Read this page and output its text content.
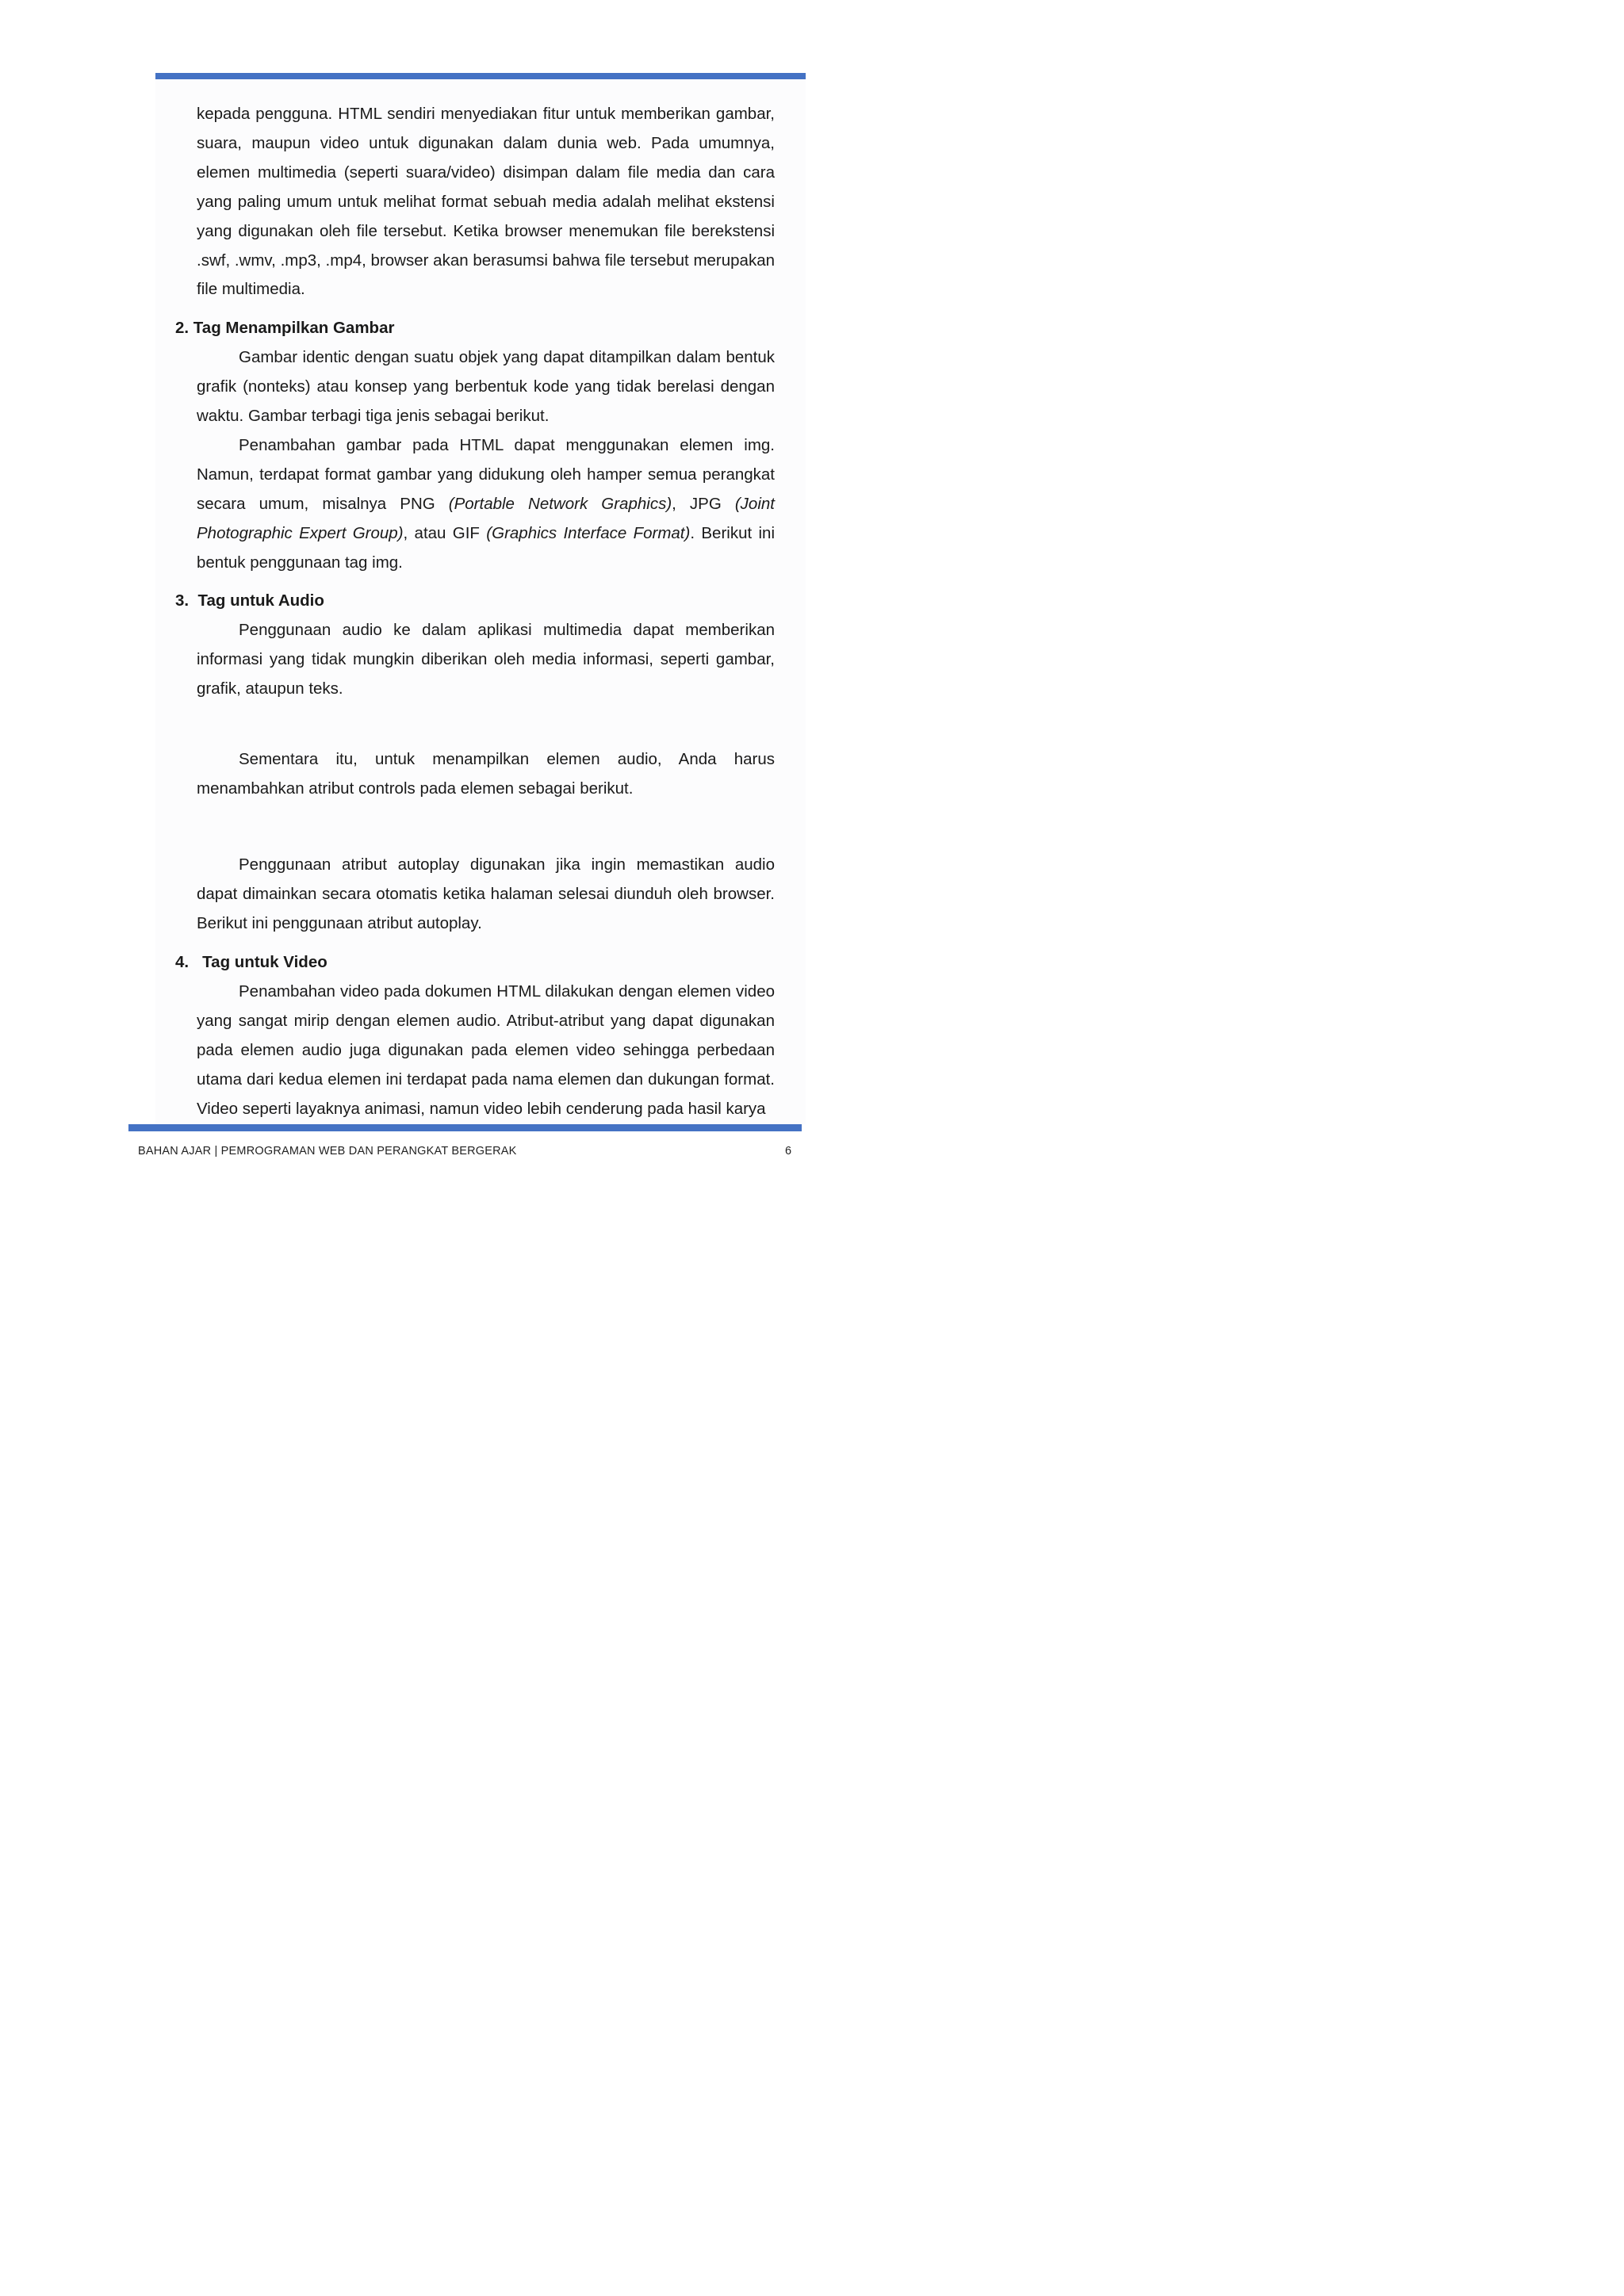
kepada pengguna. HTML sendiri menyediakan fitur untuk memberikan gambar, suara, maupun video untuk digunakan dalam dunia web. Pada umumnya, elemen multimedia (seperti suara/video) disimpan dalam file media dan cara yang paling umum untuk melihat format sebuah media adalah melihat ekstensi yang digunakan oleh file tersebut. Ketika browser menemukan file berekstensi .swf, .wmv, .mp3, .mp4, browser akan berasumsi bahwa file tersebut merupakan file multimedia.

2. Tag Menampilkan Gambar

Gambar identic dengan suatu objek yang dapat ditampilkan dalam bentuk grafik (nonteks) atau konsep yang berbentuk kode yang tidak berelasi dengan waktu. Gambar terbagi tiga jenis sebagai berikut.

Penambahan gambar pada HTML dapat menggunakan elemen img. Namun, terdapat format gambar yang didukung oleh hamper semua perangkat secara umum, misalnya PNG (Portable Network Graphics), JPG (Joint Photographic Expert Group), atau GIF (Graphics Interface Format). Berikut ini bentuk penggunaan tag img.

3.  Tag untuk Audio

Penggunaan audio ke dalam aplikasi multimedia dapat memberikan informasi yang tidak mungkin diberikan oleh media informasi, seperti gambar, grafik, ataupun teks.

Sementara itu, untuk menampilkan elemen audio, Anda harus menambahkan atribut controls pada elemen sebagai berikut.

Penggunaan atribut autoplay digunakan jika ingin memastikan audio dapat dimainkan secara otomatis ketika halaman selesai diunduh oleh browser. Berikut ini penggunaan atribut autoplay.

4.   Tag untuk Video

Penambahan video pada dokumen HTML dilakukan dengan elemen video yang sangat mirip dengan elemen audio. Atribut-atribut yang dapat digunakan pada elemen audio juga digunakan pada elemen video sehingga perbedaan utama dari kedua elemen ini terdapat pada nama elemen dan dukungan format. Video seperti layaknya animasi, namun video lebih cenderung pada hasil karya

BAHAN AJAR | PEMROGRAMAN WEB DAN PERANGKAT BERGERAK	6
